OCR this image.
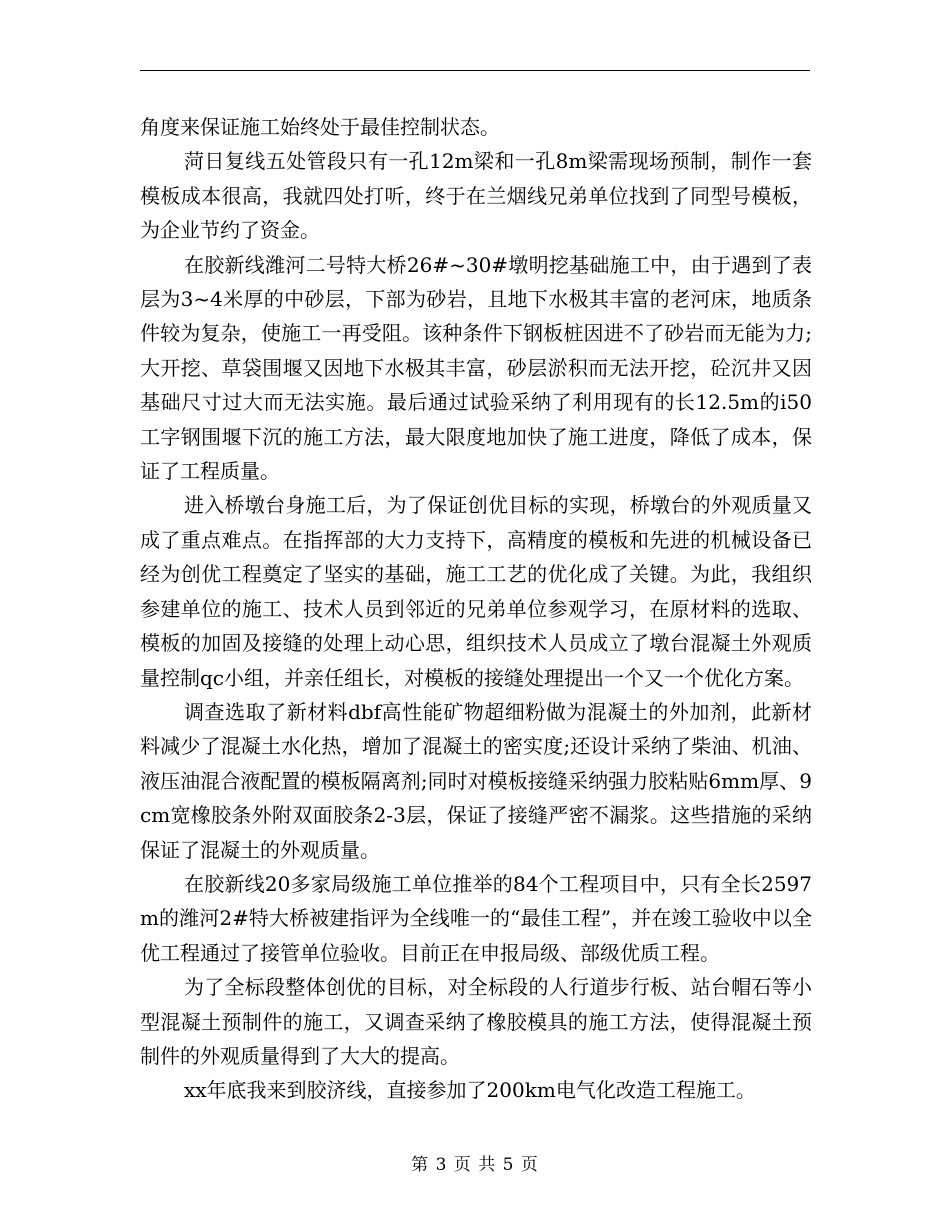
角度来保证施工始终处于最佳控制状态。

菏日复线五处管段只有一孔12m梁和一孔8m梁需现场预制，制作一套模板成本很高，我就四处打听，终于在兰烟线兄弟单位找到了同型号模板，为企业节约了资金。

在胶新线潍河二号特大桥26#~30#墩明挖基础施工中，由于遇到了表层为3~4米厚的中砂层，下部为砂岩，且地下水极其丰富的老河床，地质条件较为复杂，使施工一再受阻。该种条件下钢板桩因进不了砂岩而无能为力;大开挖、草袋围堰又因地下水极其丰富，砂层淤积而无法开挖，砼沉井又因基础尺寸过大而无法实施。最后通过试验采纳了利用现有的长12.5m的i50工字钢围堰下沉的施工方法，最大限度地加快了施工进度，降低了成本，保证了工程质量。

进入桥墩台身施工后，为了保证创优目标的实现，桥墩台的外观质量又成了重点难点。在指挥部的大力支持下，高精度的模板和先进的机械设备已经为创优工程奠定了坚实的基础，施工工艺的优化成了关键。为此，我组织参建单位的施工、技术人员到邻近的兄弟单位参观学习，在原材料的选取、模板的加固及接缝的处理上动心思，组织技术人员成立了墩台混凝土外观质量控制qc小组，并亲任组长，对模板的接缝处理提出一个又一个优化方案。

调查选取了新材料dbf高性能矿物超细粉做为混凝土的外加剂，此新材料减少了混凝土水化热，增加了混凝土的密实度;还设计采纳了柴油、机油、液压油混合液配置的模板隔离剂;同时对模板接缝采纳强力胶粘贴6mm厚、9cm宽橡胶条外附双面胶条2-3层，保证了接缝严密不漏浆。这些措施的采纳保证了混凝土的外观质量。

在胶新线20多家局级施工单位推举的84个工程项目中，只有全长2597m的潍河2#特大桥被建指评为全线唯一的“最佳工程”，并在竣工验收中以全优工程通过了接管单位验收。目前正在申报局级、部级优质工程。

为了全标段整体创优的目标，对全标段的人行道步行板、站台帽石等小型混凝土预制件的施工，又调查采纳了橡胶模具的施工方法，使得混凝土预制件的外观质量得到了大大的提高。

xx年底我来到胶济线，直接参加了200km电气化改造工程施工。

第 3 页 共 5 页
